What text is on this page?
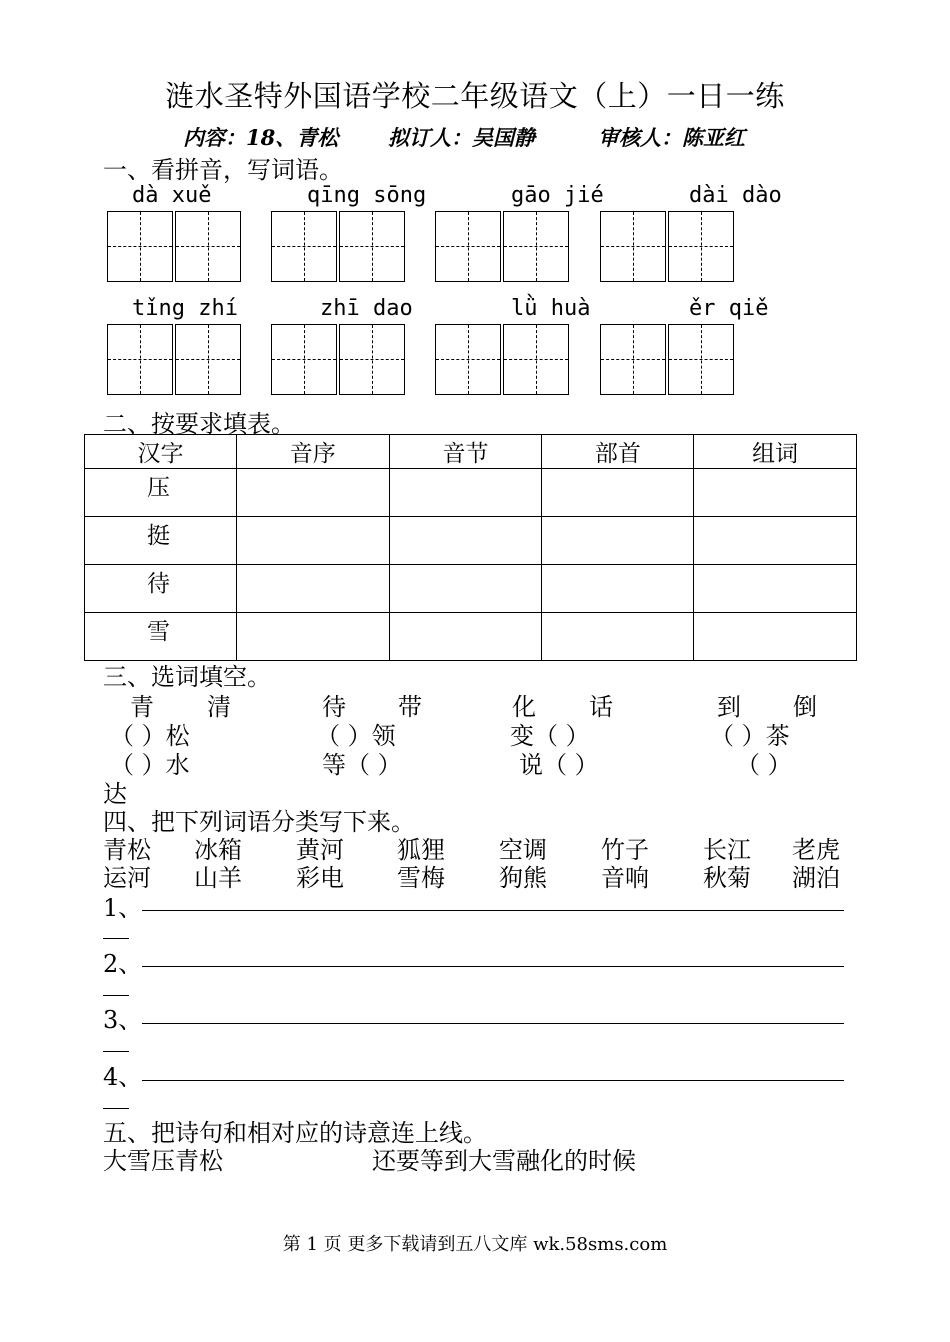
涟水圣特外国语学校二年级语文（上）一日一练
内容：18、青松 拟订人：吴国静	审核人：陈亚红
一、看拼音，写词语。
dà xuě	qīng sōng	gāo jié	dài dào
tǐng zhí	zhī dao	lǜ huà	ěr qiě
二、按要求填表。
汉字	音序	音节	部首	组词
压				
挺				
待				
雪				
三、选词填空。
青 清	待 带	化 话	到 倒
（ ）松	（ ）领	变（ ）	（ ）茶
（ ）水	等（ ）	说（ ）	（ ）
达
四、把下列词语分类写下来。
青松 冰箱 黄河 狐狸 空调 竹子 长江 老虎
运河 山羊 彩电 雪梅 狗熊 音响 秋菊 湖泊
1、
2、
3、
4、
五、把诗句和相对应的诗意连上线。
大雪压青松	还要等到大雪融化的时候
第 1 页 更多下载请到五八文库 wk.58sms.com
